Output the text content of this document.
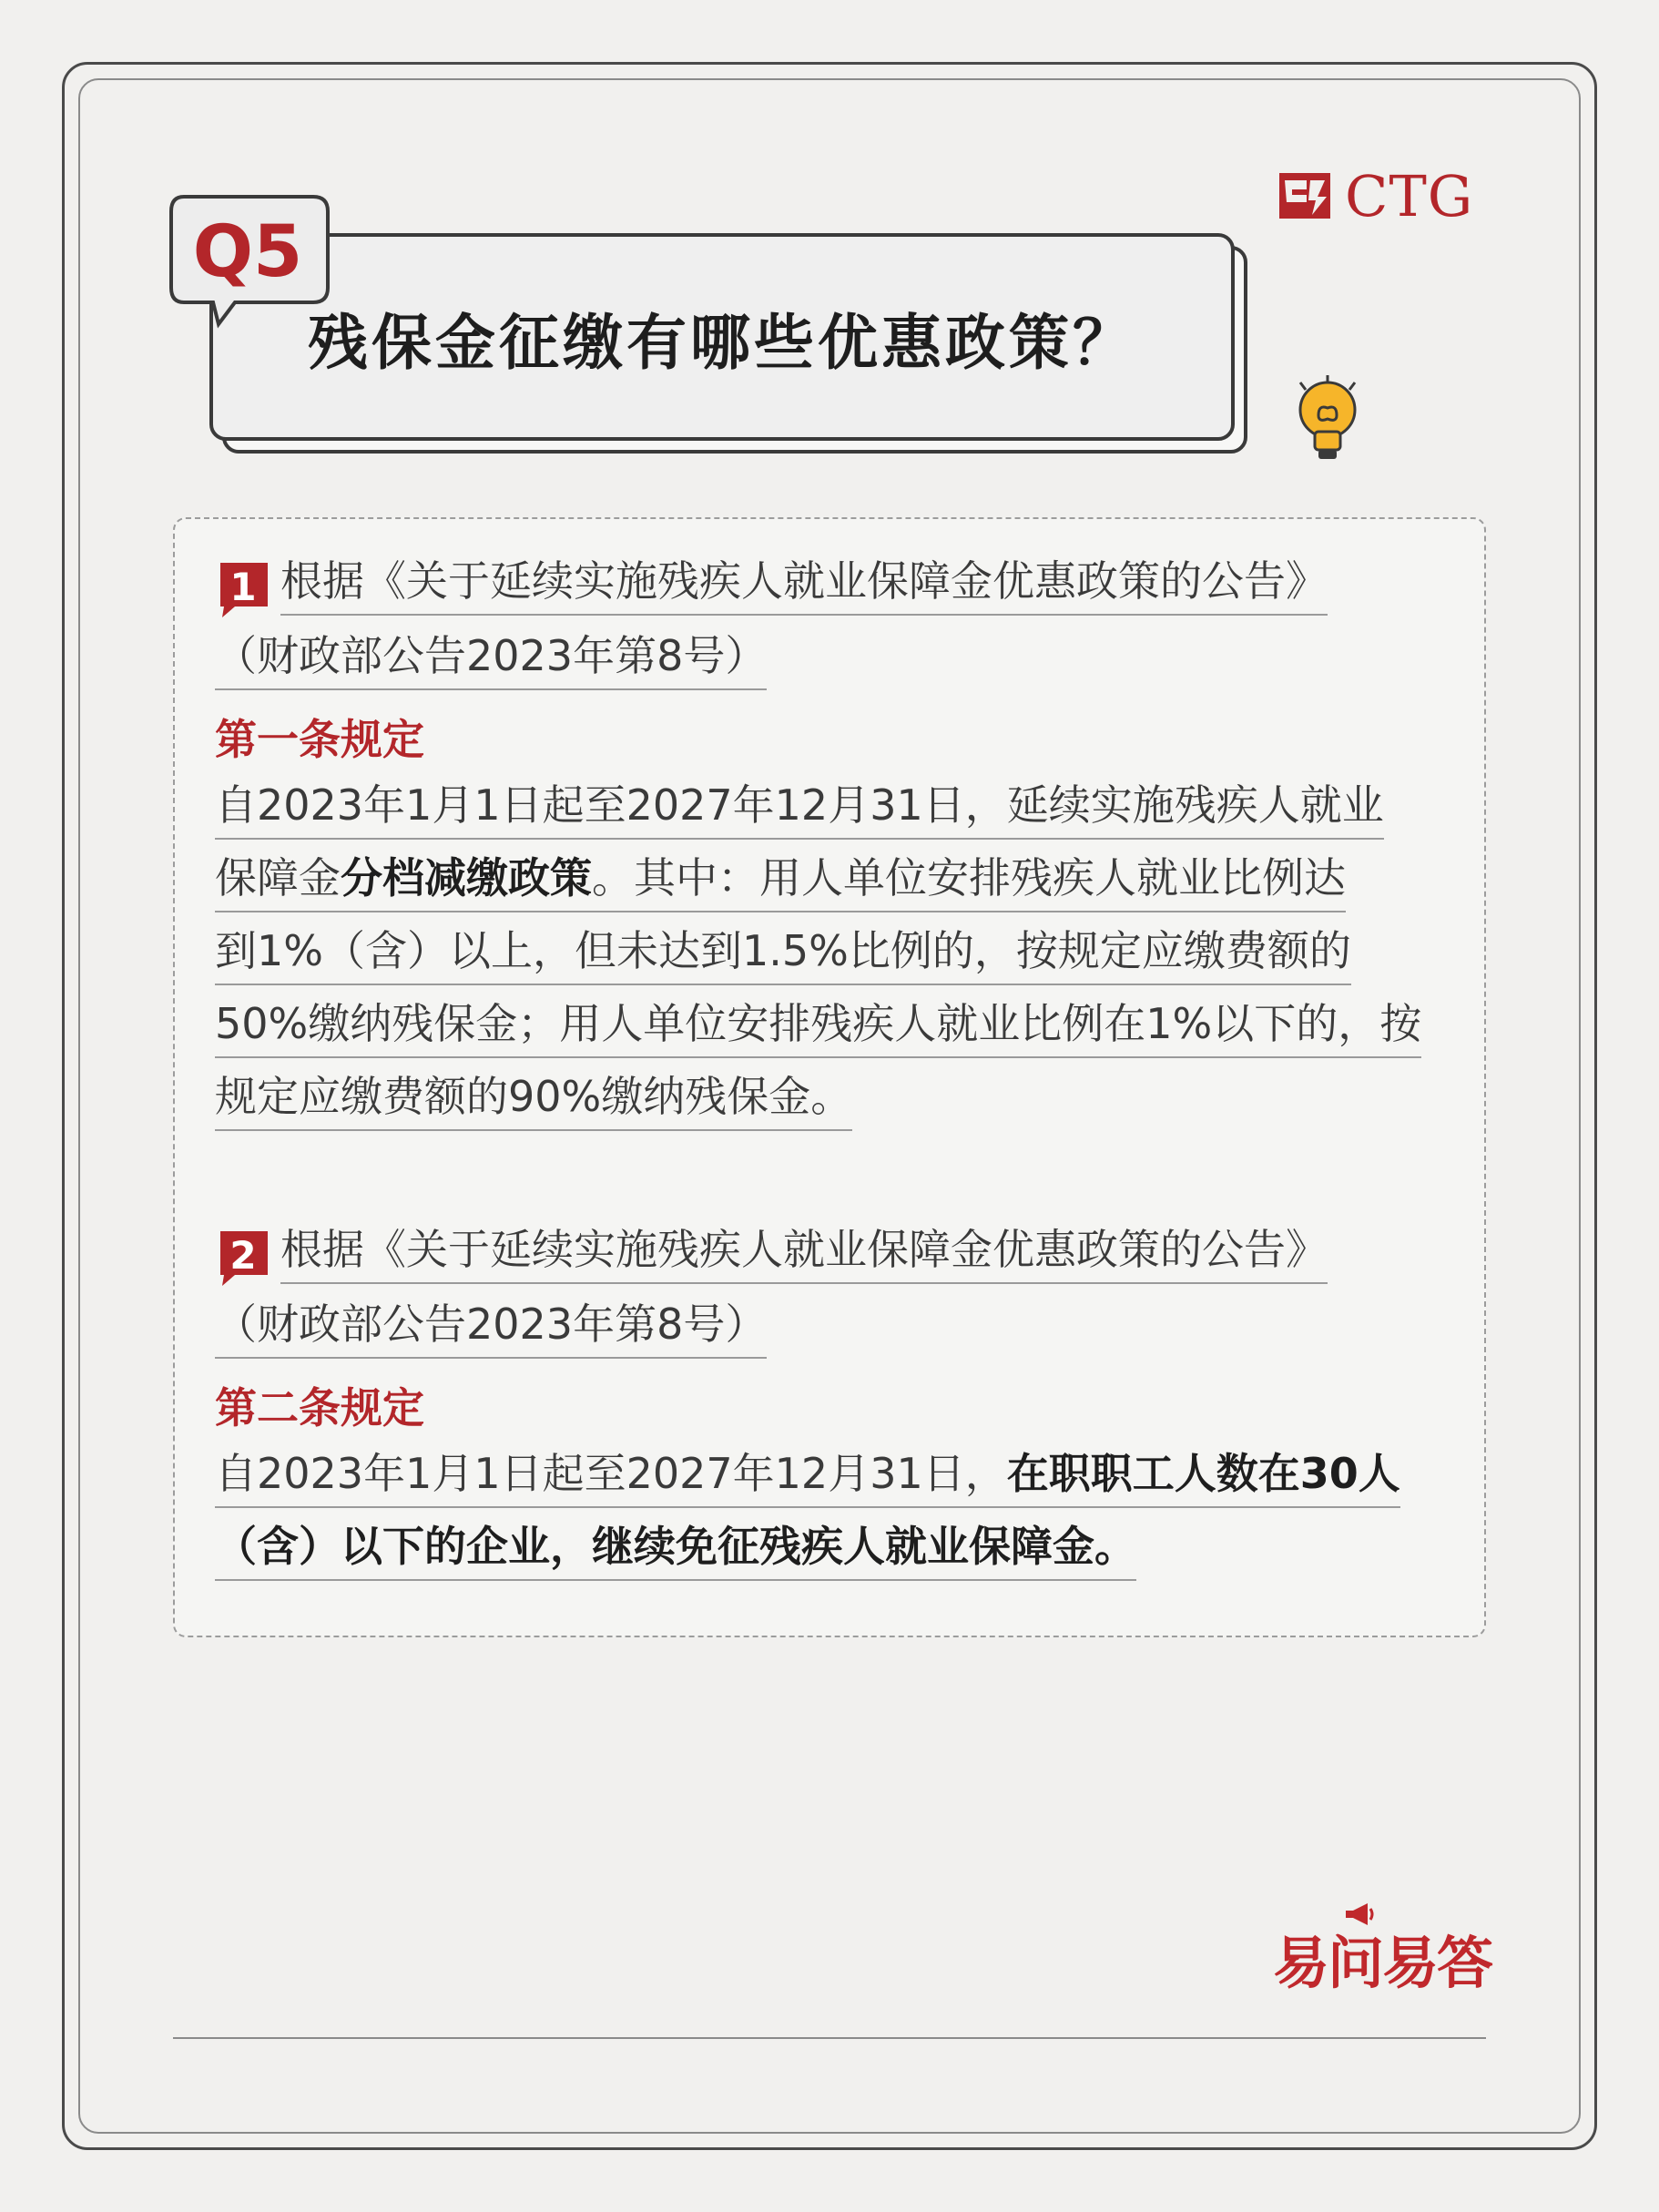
CTG
残保金征缴有哪些优惠政策？
Q5
1 根据《关于延续实施残疾人就业保障金优惠政策的公告》
（财政部公告2023年第8号）
第一条规定
自2023年1月1日起至2027年12月31日，延续实施残疾人就业
保障金分档减缴政策。其中：用人单位安排残疾人就业比例达
到1%（含）以上，但未达到1.5%比例的，按规定应缴费额的
50%缴纳残保金；用人单位安排残疾人就业比例在1%以下的，按
规定应缴费额的90%缴纳残保金。
2 根据《关于延续实施残疾人就业保障金优惠政策的公告》
（财政部公告2023年第8号）
第二条规定
自2023年1月1日起至2027年12月31日，在职职工人数在30人
（含）以下的企业，继续免征残疾人就业保障金。
易问易答
